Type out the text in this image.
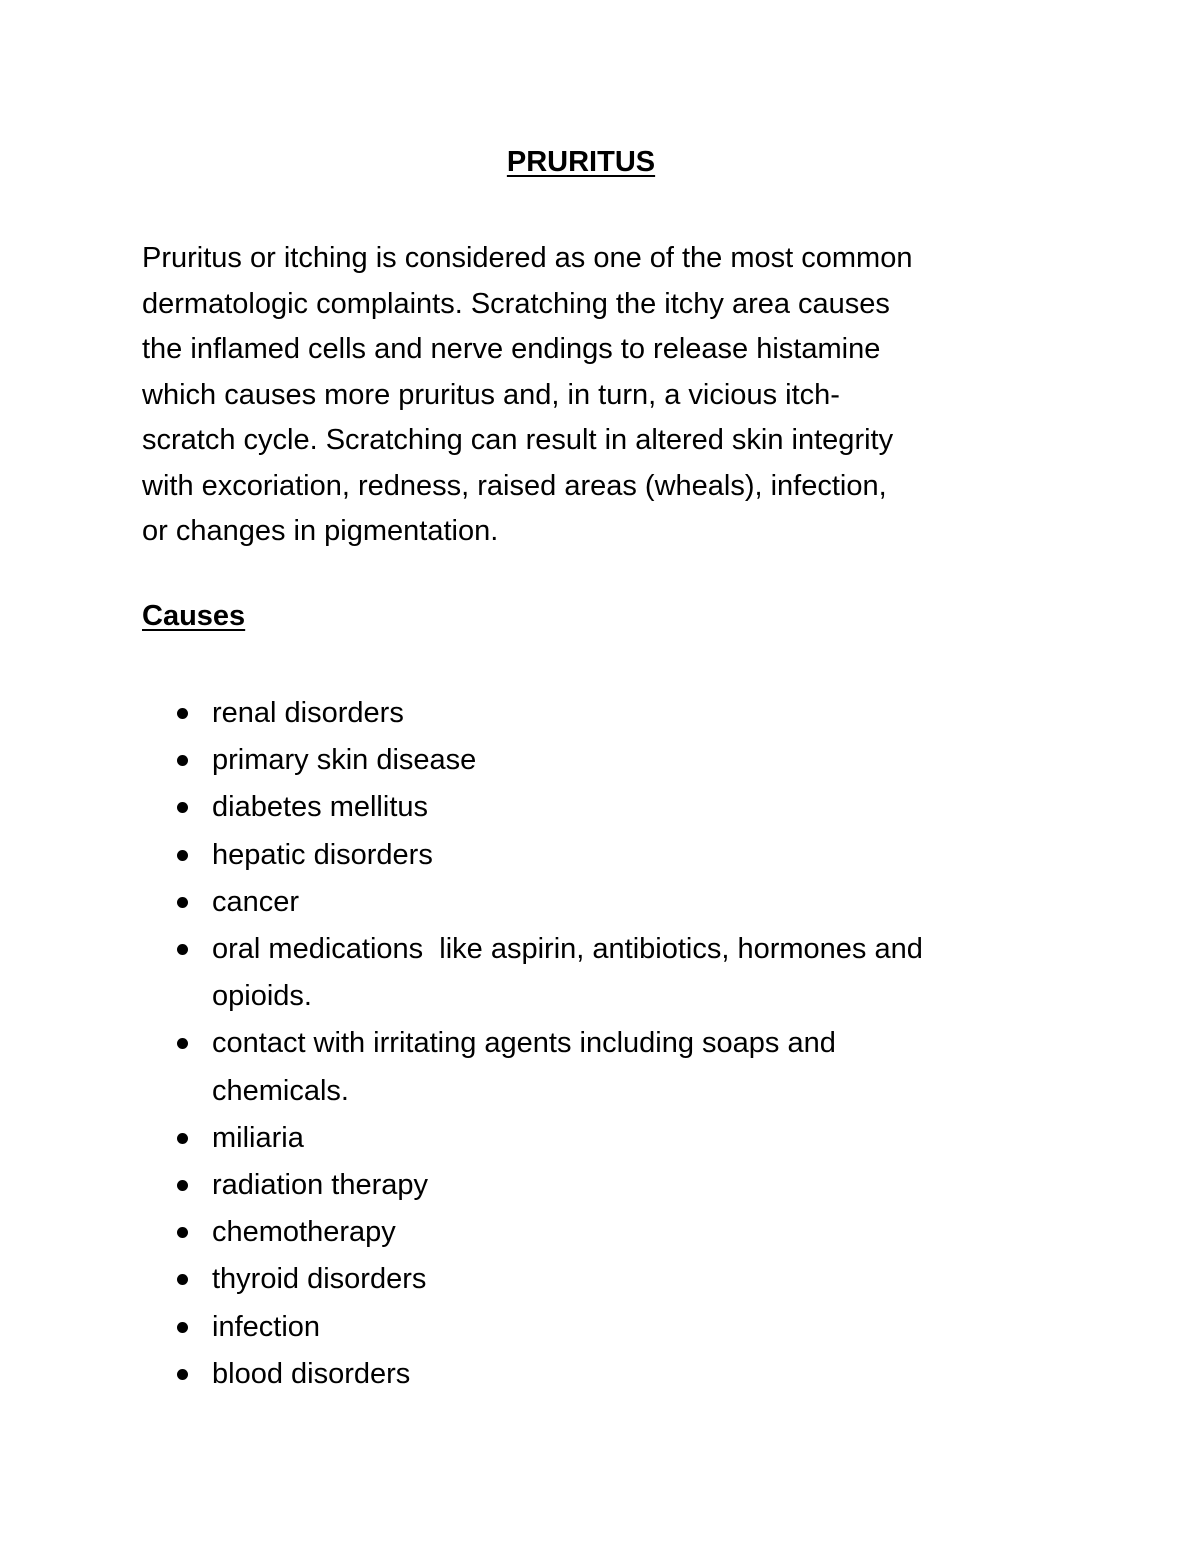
PRURITUS

Pruritus or itching is considered as one of the most common
dermatologic complaints. Scratching the itchy area causes
the inflamed cells and nerve endings to release histamine
which causes more pruritus and, in turn, a vicious itch-
scratch cycle. Scratching can result in altered skin integrity
with excoriation, redness, raised areas (wheals), infection,
or changes in pigmentation.

Causes
renal disorders
primary skin disease
diabetes mellitus
hepatic disorders
cancer
oral medications  like aspirin, antibiotics, hormones and
opioids.
contact with irritating agents including soaps and
chemicals.
miliaria
radiation therapy
chemotherapy
thyroid disorders
infection
blood disorders
